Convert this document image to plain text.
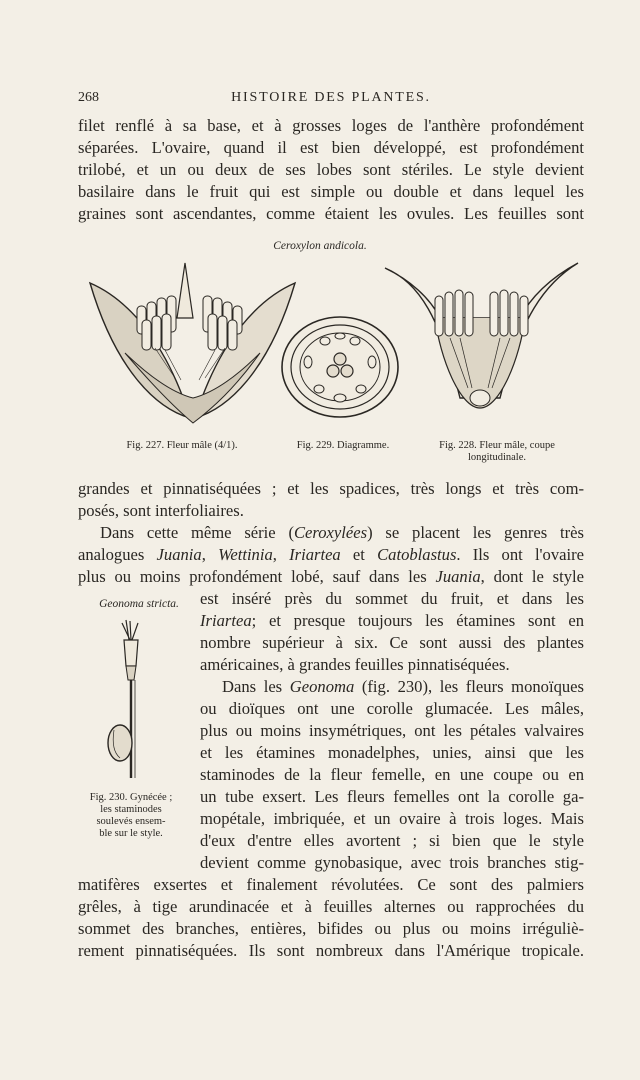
268	HISTOIRE DES PLANTES.
filet renflé à sa base, et à grosses loges de l'anthère profondément
séparées. L'ovaire, quand il est bien développé, est profondément
trilobé, et un ou deux de ses lobes sont stériles. Le style devient
basilaire dans le fruit qui est simple ou double et dans lequel les
graines sont ascendantes, comme étaient les ovules. Les feuilles sont
Ceroxylon andicola.
Fig. 227. Fleur mâle (4/1).	Fig. 229. Diagramme.	Fig. 228. Fleur mâle, coupe
longitudinale.
grandes et pinnatiséquées ; et les spadices, très longs et très com-
posés, sont interfoliaires.
Dans cette même série (Ceroxylées) se placent les genres très
analogues Juania, Wettinia, Iriartea et Catoblastus. Ils ont l'ovaire
plus ou moins profondément lobé, sauf dans les Juania, dont le style
est inséré près du sommet du fruit, et dans les
Iriartea; et presque toujours les étamines sont en
nombre supérieur à six. Ce sont aussi des plantes
américaines, à grandes feuilles pinnatiséquées.
Dans les Geonoma (fig. 230), les fleurs monoïques
ou dioïques ont une corolle glumacée. Les mâles,
plus ou moins insymétriques, ont les pétales valvaires
et les étamines monadelphes, unies, ainsi que les
staminodes de la fleur femelle, en une coupe ou en
un tube exsert. Les fleurs femelles ont la corolle ga-
mopétale, imbriquée, et un ovaire à trois loges. Mais
d'eux d'entre elles avortent ; si bien que le style
devient comme gynobasique, avec trois branches stig-
matifères exsertes et finalement révolutées. Ce sont des palmiers
grêles, à tige arundinacée et à feuilles alternes ou rapprochées du
sommet des branches, entières, bifides ou plus ou moins irréguliè-
rement pinnatiséquées. Ils sont nombreux dans l'Amérique tropicale.
Geonoma stricta.
Fig. 230. Gynécée ;
les staminodes
soulevés ensem-
ble sur le style.
